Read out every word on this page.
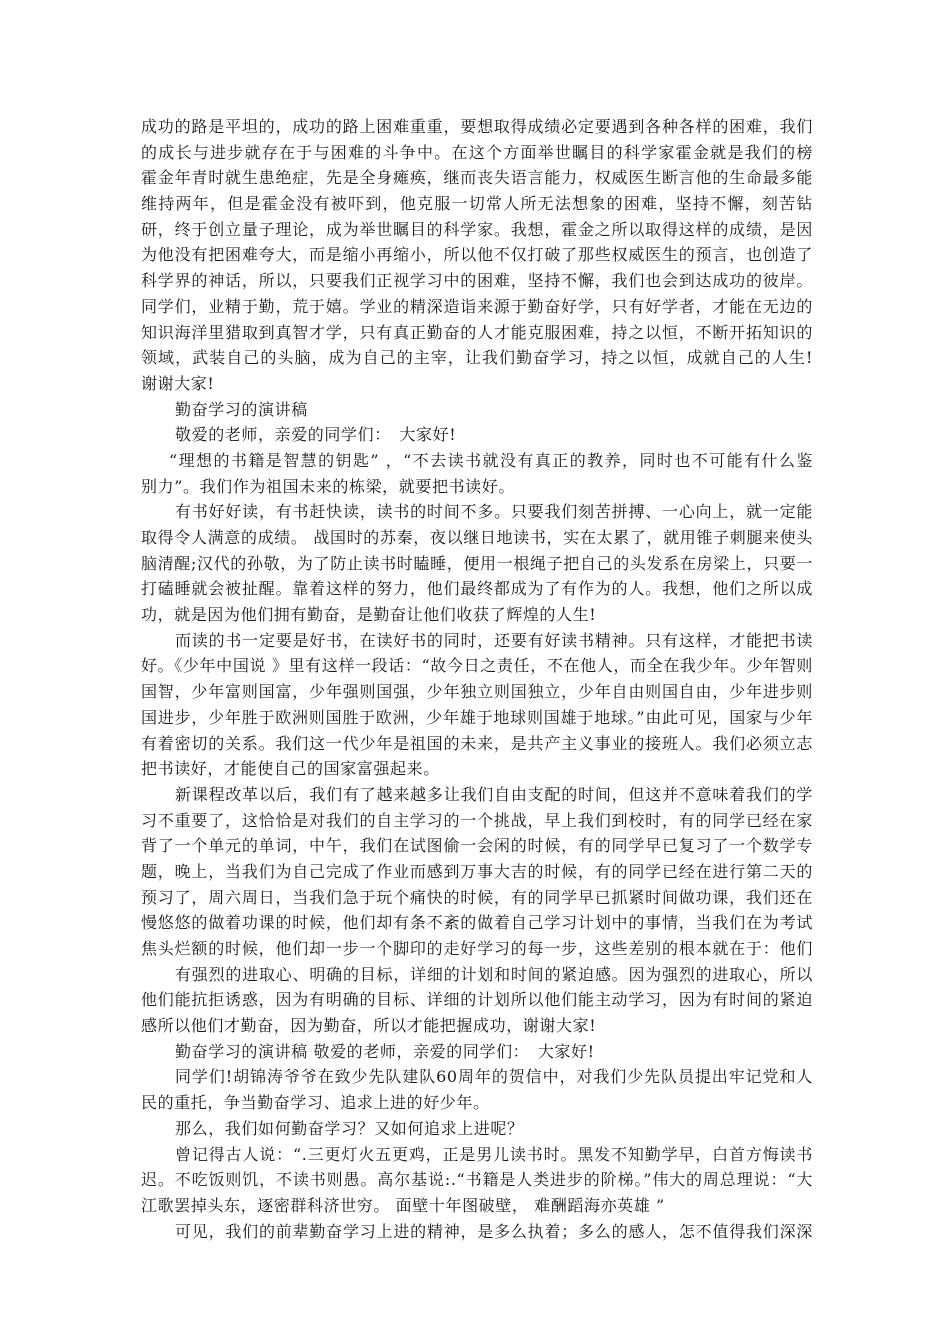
成功的路是平坦的，成功的路上困难重重，要想取得成绩必定要遇到各种各样的困难，我们
的成长与进步就存在于与困难的斗争中。在这个方面举世瞩目的科学家霍金就是我们的榜
霍金年青时就生患绝症，先是全身瘫痪，继而丧失语言能力，权威医生断言他的生命最多能
维持两年，但是霍金没有被吓到，他克服一切常人所无法想象的困难，坚持不懈，刻苦钻
研，终于创立量子理论，成为举世瞩目的科学家。我想，霍金之所以取得这样的成绩，是因
为他没有把困难夸大，而是缩小再缩小，所以他不仅打破了那些权威医生的预言，也创造了
科学界的神话，所以，只要我们正视学习中的困难，坚持不懈，我们也会到达成功的彼岸。
同学们，业精于勤，荒于嬉。学业的精深造诣来源于勤奋好学，只有好学者，才能在无边的
知识海洋里猎取到真智才学，只有真正勤奋的人才能克服困难，持之以恒，不断开拓知识的
领域，武装自己的头脑，成为自己的主宰，让我们勤奋学习，持之以恒，成就自己的人生!
谢谢大家!
勤奋学习的演讲稿
敬爱的老师，亲爱的同学们：　大家好!
“理想的书籍是智慧的钥匙” ，“不去读书就没有真正的教养，同时也不可能有什么鉴
别力”。我们作为祖国未来的栋梁，就要把书读好。
有书好好读，有书赶快读，读书的时间不多。只要我们刻苦拼搏、一心向上，就一定能
取得令人满意的成绩。 战国时的苏秦，夜以继日地读书，实在太累了，就用锥子刺腿来使头
脑清醒;汉代的孙敬，为了防止读书时瞌睡，便用一根绳子把自己的头发系在房梁上，只要一
打磕睡就会被扯醒。靠着这样的努力，他们最终都成为了有作为的人。我想，他们之所以成
功，就是因为他们拥有勤奋，是勤奋让他们收获了辉煌的人生!
而读的书一定要是好书，在读好书的同时，还要有好读书精神。只有这样，才能把书读
好。《少年中国说 》里有这样一段话：“故今日之责任，不在他人，而全在我少年。少年智则
国智，少年富则国富，少年强则国强，少年独立则国独立，少年自由则国自由，少年进步则
国进步，少年胜于欧洲则国胜于欧洲，少年雄于地球则国雄于地球。”由此可见，国家与少年
有着密切的关系。我们这一代少年是祖国的未来，是共产主义事业的接班人。我们必须立志
把书读好，才能使自己的国家富强起来。
新课程改革以后，我们有了越来越多让我们自由支配的时间，但这并不意味着我们的学
习不重要了，这恰恰是对我们的自主学习的一个挑战，早上我们到校时，有的同学已经在家
背了一个单元的单词，中午，我们在试图偷一会闲的时候，有的同学早已复习了一个数学专
题，晚上，当我们为自己完成了作业而感到万事大吉的时候，有的同学已经在进行第二天的
预习了，周六周日，当我们急于玩个痛快的时候，有的同学早已抓紧时间做功课，我们还在
慢悠悠的做着功课的时候，他们却有条不紊的做着自己学习计划中的事情，当我们在为考试
焦头烂额的时候，他们却一步一个脚印的走好学习的每一步，这些差别的根本就在于：他们
有强烈的进取心、明确的目标，详细的计划和时间的紧迫感。因为强烈的进取心，所以
他们能抗拒诱惑，因为有明确的目标、详细的计划所以他们能主动学习，因为有时间的紧迫
感所以他们才勤奋，因为勤奋，所以才能把握成功，谢谢大家!
勤奋学习的演讲稿 敬爱的老师，亲爱的同学们：　大家好!
同学们!胡锦涛爷爷在致少先队建队60周年的贺信中，对我们少先队员提出牢记党和人
民的重托，争当勤奋学习、追求上进的好少年。
那么，我们如何勤奋学习？又如何追求上进呢？
曾记得古人说：“.三更灯火五更鸡，正是男儿读书时。黑发不知勤学早，白首方悔读书
迟。不吃饭则饥，不读书则愚。高尔基说:.“书籍是人类进步的阶梯。”伟大的周总理说：“大
江歌罢掉头东，逐密群科济世穷。 面壁十年图破壁， 难酬蹈海亦英雄 ”
可见，我们的前辈勤奋学习上进的精神，是多么执着；多么的感人，怎不值得我们深深
